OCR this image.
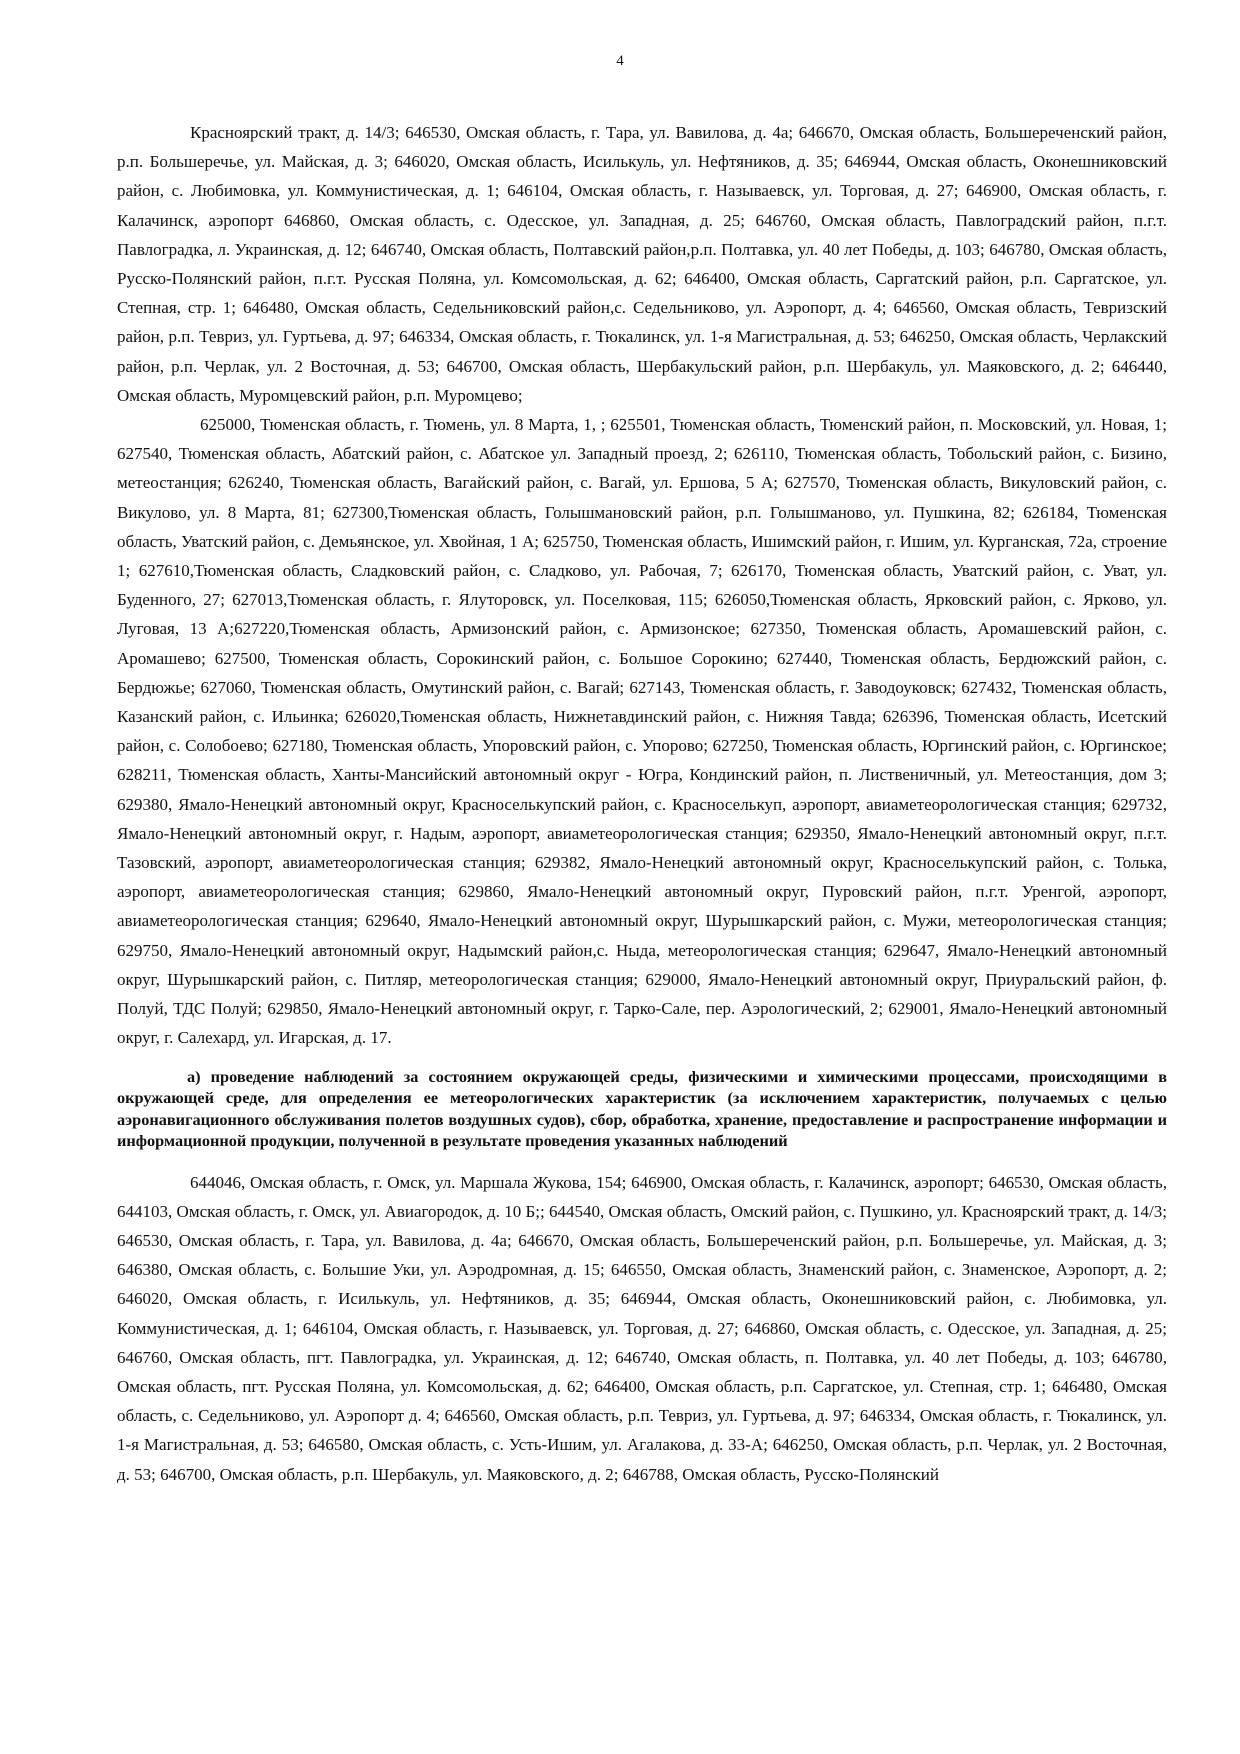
4

Красноярский тракт, д. 14/3; 646530, Омская область, г. Тара, ул. Вавилова, д. 4а; 646670, Омская область, Большереченский район, р.п. Большеречье, ул. Майская, д. 3; 646020, Омская область, Исилькуль, ул. Нефтяников, д. 35; 646944, Омская область, Оконешниковский район, с. Любимовка, ул. Коммунистическая, д. 1; 646104, Омская область, г. Называевск, ул. Торговая, д. 27; 646900, Омская область, г. Калачинск, аэропорт 646860, Омская область, с. Одесское, ул. Западная, д. 25; 646760, Омская область, Павлоградский район, п.г.т. Павлоградка, л. Украинская, д. 12; 646740, Омская область, Полтавский район,р.п. Полтавка, ул. 40 лет Победы, д. 103; 646780, Омская область, Русско-Полянский район, п.г.т. Русская Поляна, ул. Комсомольская, д. 62; 646400, Омская область, Саргатский район, р.п. Саргатское, ул. Степная, стр. 1; 646480, Омская область, Седельниковский район,с. Седельниково, ул. Аэропорт, д. 4; 646560, Омская область, Тевризский район, р.п. Тевриз, ул. Гуртьева, д. 97; 646334, Омская область, г. Тюкалинск, ул. 1-я Магистральная, д. 53; 646250, Омская область, Черлакский район, р.п. Черлак, ул. 2 Восточная, д. 53; 646700, Омская область, Шербакульский район, р.п. Шербакуль, ул. Маяковского, д. 2; 646440, Омская область, Муромцевский район, р.п. Муромцево;

625000, Тюменская область, г. Тюмень, ул. 8 Марта, 1, ; 625501, Тюменская область, Тюменский район, п. Московский, ул. Новая, 1; 627540, Тюменская область, Абатский район, с. Абатское ул. Западный проезд, 2; 626110, Тюменская область, Тобольский район, с. Бизино, метеостанция; 626240, Тюменская область, Вагайский район, с. Вагай, ул. Ершова, 5 А; 627570, Тюменская область, Викуловский район, с. Викулово, ул. 8 Марта, 81; 627300,Тюменская область, Голышмановский район, р.п. Голышманово, ул. Пушкина, 82; 626184, Тюменская область, Уватский район, с. Демьянское, ул. Хвойная, 1 А; 625750, Тюменская область, Ишимский район, г. Ишим, ул. Курганская, 72а, строение 1; 627610,Тюменская область, Сладковский район, с. Сладково, ул. Рабочая, 7; 626170, Тюменская область, Уватский район, с. Уват, ул. Буденного, 27; 627013,Тюменская область, г. Ялуторовск, ул. Поселковая, 115; 626050,Тюменская область, Ярковский район, с. Ярково, ул. Луговая, 13 А;627220,Тюменская область, Армизонский район, с. Армизонское; 627350, Тюменская область, Аромашевский район, с. Аромашево; 627500, Тюменская область, Сорокинский район, с. Большое Сорокино; 627440, Тюменская область, Бердюжский район, с. Бердюжье; 627060, Тюменская область, Омутинский район, с. Вагай; 627143, Тюменская область, г. Заводоуковск; 627432, Тюменская область, Казанский район, с. Ильинка; 626020,Тюменская область, Нижнетавдинский район, с. Нижняя Тавда; 626396, Тюменская область, Исетский район, с. Солобоево; 627180, Тюменская область, Упоровский район, с. Упорово; 627250, Тюменская область, Юргинский район, с. Юргинское; 628211, Тюменская область, Ханты-Мансийский автономный округ - Югра, Кондинский район, п. Лиственичный, ул. Метеостанция, дом 3; 629380, Ямало-Ненецкий автономный округ, Красноселькупский район, с. Красноселькуп, аэропорт, авиаметеорологическая станция; 629732, Ямало-Ненецкий автономный округ, г. Надым, аэропорт, авиаметеорологическая станция; 629350, Ямало-Ненецкий автономный округ, п.г.т. Тазовский, аэропорт, авиаметеорологическая станция; 629382, Ямало-Ненецкий автономный округ, Красноселькупский район, с. Толька, аэропорт, авиаметеорологическая станция; 629860, Ямало-Ненецкий автономный округ, Пуровский район, п.г.т. Уренгой, аэропорт, авиаметеорологическая станция; 629640, Ямало-Ненецкий автономный округ, Шурышкарский район, с. Мужи, метеорологическая станция; 629750, Ямало-Ненецкий автономный округ, Надымский район,с. Ныда, метеорологическая станция; 629647, Ямало-Ненецкий автономный округ, Шурышкарский район, с. Питляр, метеорологическая станция; 629000, Ямало-Ненецкий автономный округ, Приуральский район, ф. Полуй, ТДС Полуй; 629850, Ямало-Ненецкий автономный округ, г. Тарко-Сале, пер. Аэрологический, 2; 629001, Ямало-Ненецкий автономный округ, г. Салехард, ул. Игарская, д. 17.

а) проведение наблюдений за состоянием окружающей среды, физическими и химическими процессами, происходящими в окружающей среде, для определения ее метеорологических характеристик (за исключением характеристик, получаемых с целью аэронавигационного обслуживания полетов воздушных судов), сбор, обработка, хранение, предоставление и распространение информации и информационной продукции, полученной в результате проведения указанных наблюдений

644046, Омская область, г. Омск, ул. Маршала Жукова, 154; 646900, Омская область, г. Калачинск, аэропорт; 646530, Омская область, 644103, Омская область, г. Омск, ул. Авиагородок, д. 10 Б;; 644540, Омская область, Омский район, с. Пушкино, ул. Красноярский тракт, д. 14/3; 646530, Омская область, г. Тара, ул. Вавилова, д. 4а; 646670, Омская область, Большереченский район, р.п. Большеречье, ул. Майская, д. 3; 646380, Омская область, с. Большие Уки, ул. Аэродромная, д. 15; 646550, Омская область, Знаменский район, с. Знаменское, Аэропорт, д. 2; 646020, Омская область, г. Исилькуль, ул. Нефтяников, д. 35; 646944, Омская область, Оконешниковский район, с. Любимовка, ул. Коммунистическая, д. 1; 646104, Омская область, г. Называевск, ул. Торговая, д. 27; 646860, Омская область, с. Одесское, ул. Западная, д. 25; 646760, Омская область, пгт. Павлоградка, ул. Украинская, д. 12; 646740, Омская область, п. Полтавка, ул. 40 лет Победы, д. 103; 646780, Омская область, пгт. Русская Поляна, ул. Комсомольская, д. 62; 646400, Омская область, р.п. Саргатское, ул. Степная, стр. 1; 646480, Омская область, с. Седельниково, ул. Аэропорт д. 4; 646560, Омская область, р.п. Тевриз, ул. Гуртьева, д. 97; 646334, Омская область, г. Тюкалинск, ул. 1-я Магистральная, д. 53; 646580, Омская область, с. Усть-Ишим, ул. Агалакова, д. 33-А; 646250, Омская область, р.п. Черлак, ул. 2 Восточная, д. 53; 646700, Омская область, р.п. Шербакуль, ул. Маяковского, д. 2; 646788, Омская область, Русско-Полянский
